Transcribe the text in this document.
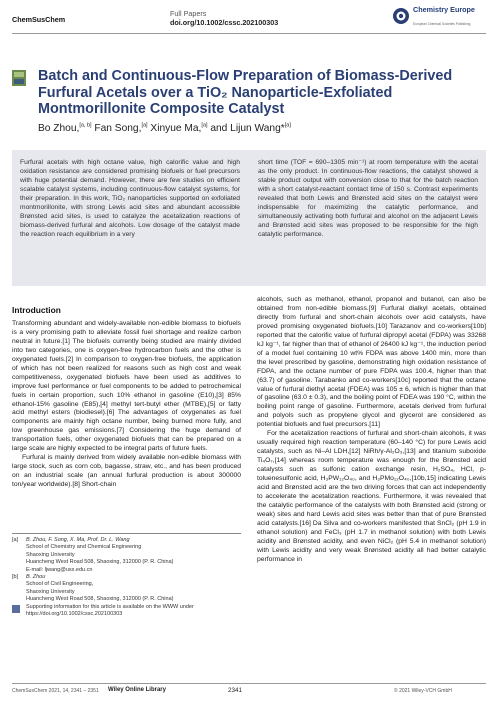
ChemSusChem
Full Papers
doi.org/10.1002/cssc.202100303
Chemistry Europe
European Chemical Societies Publishing
Batch and Continuous-Flow Preparation of Biomass-Derived Furfural Acetals over a TiO₂ Nanoparticle-Exfoliated Montmorillonite Composite Catalyst
Bo Zhou,[a, b] Fan Song,[a] Xinyue Ma,[a] and Lijun Wang*[a]
Furfural acetals with high octane value, high calorific value and high oxidation resistance are considered promising biofuels or fuel precursors with huge potential demand. However, there are few studies on efficient scalable catalyst systems, including continuous-flow catalyst systems, for their preparation. In this work, TiO₂ nanoparticles supported on exfoliated montmorillonite, with strong Lewis acid sites and abundant accessible Brønsted acid sites, is used to catalyze the acetalization reactions of biomass-derived furfural and alcohols. Low dosage of the catalyst made the reaction reach equilibrium in a very
short time (TOF = 690–1305 min⁻¹) at room temperature with the acetal as the only product. In continuous-flow reactions, the catalyst showed a stable product output with conversion close to that for the batch reaction with a short catalyst-reactant contact time of 150 s. Contrast experiments revealed that both Lewis and Brønsted acid sites on the catalyst were indispensable for maximizing the catalytic performance, and simultaneously activating both furfural and alcohol on the adjacent Lewis and Brønsted acid sites was proposed to be responsible for the high catalytic performance.
Introduction

Transforming abundant and widely-available non-edible biomass to biofuels is a very promising path to alleviate fossil fuel shortage and realize carbon neutral in future.[1] The biofuels currently being studied are mainly divided into two categories, one is oxygen-free hydrocarbon fuels and the other is oxygenated fuels.[2] In comparison to oxygen-free biofuels, the application of which has not been realized for reasons such as high cost and weak competitiveness, oxygenated biofuels have been used as additives to improve fuel performance or fuel components to be added to petrochemical fuels in certain proportion, such 10% ethanol in gasoline (E10),[3] 85% ethanol-15% gasoline (E85),[4] methyl tert-butyl ether (MTBE),[5] or fatty acid methyl esters (biodiesel).[6] The advantages of oxygenates as fuel components are mainly high octane number, being burned more fully, and low greenhouse gas emissions.[7] Considering the huge demand of transportation fuels, other oxygenated biofuels that can be prepared on a large scale are highly expected to be integral parts of future fuels.

Furfural is mainly derived from widely available non-edible biomass with large stock, such as corn cob, bagasse, straw, etc., and has been produced on an industrial scale (an annual furfural production is about 300000 ton/year worldwide).[8] Short-chain

alcohols, such as methanol, ethanol, propanol and butanol, can also be obtained from non-edible biomass.[9] Furfural dialkyl acetals, obtained directly from furfural and short-chain alcohols over acid catalysts, have proved promising oxygenated biofuels.[10] Tarazanov and co-workers[10b] reported that the calorific value of furfural dipropyl acetal (FDPA) was 33268 kJ kg⁻¹, far higher than that of ethanol of 26400 kJ kg⁻¹, the induction period of a model fuel containing 10 wt% FDPA was above 1400 min, more than the level prescribed by gasoline, demonstrating high oxidation resistance of FDPA, and the octane number of pure FDPA was 100.4, higher than that (63.7) of gasoline. Tarabanko and co-workers[10c] reported that the octane value of furfural diethyl acetal (FDEA) was 105 ± 6, which is higher than that of gasoline (63.0 ± 0.3), and the boiling point of FDEA was 190 °C, within the boiling point range of gasoline. Furthermore, acetals derived from furfural and polyols such as propylene glycol and glycerol are considered as potential biofuels and fuel precursors.[11]

For the acetalization reactions of furfural and short-chain alcohols, it was usually required high reaction temperature (60–140 °C) for pure Lewis acid catalysts, such as Ni–Al LDH,[12] NiRh/γ-Al₂O₃,[13] and titanium suboxide Ti₄O₇,[14] whereas room temperature was enough for the Brønsted acid catalysts such as sulfonic cation exchange resin, H₂SO₄, HCl, p-toluenesulfonic acid, H₃PW₁₂O₄₀, and H₃PMo₁₂O₄₀,[10b,15] indicating Lewis acid and Brønsted acid are the two driving forces that can act independently to accelerate the acetalization reactions. Furthermore, it was revealed that the catalytic performance of the catalysts with both Brønsted acid (strong or weak) sites and hard Lewis acid sites was better than that of pure Brønsted acid catalysts.[16] Da Silva and co-workers manifested that SnCl₂ (pH 1.9 in ethanol solution) and FeCl₃ (pH 1.7 in methanol solution) with both Lewis acidity and Brønsted acidity, and even NiCl₂ (pH 5.4 in methanol solution) with Lewis acidity and very weak Brønsted acidity all had better catalytic performance in

[a] B. Zhou, F. Song, X. Ma, Prof. Dr. L. Wang
School of Chemistry and Chemical Engineering
Shaoxing University
Huancheng West Road 508, Shaoxing, 312000 (P. R. China)
E-mail: ljwang@usx.edu.cn
[b] B. Zhou
School of Civil Engineering,
Shaoxing University
Huancheng West Road 508, Shaoxing, 312000 (P. R. China)
Supporting information for this article is available on the WWW under https://doi.org/10.1002/cssc.202100303
ChemSusChem 2021, 14, 2341 – 2351 Wiley Online Library	2341	© 2021 Wiley-VCH GmbH
